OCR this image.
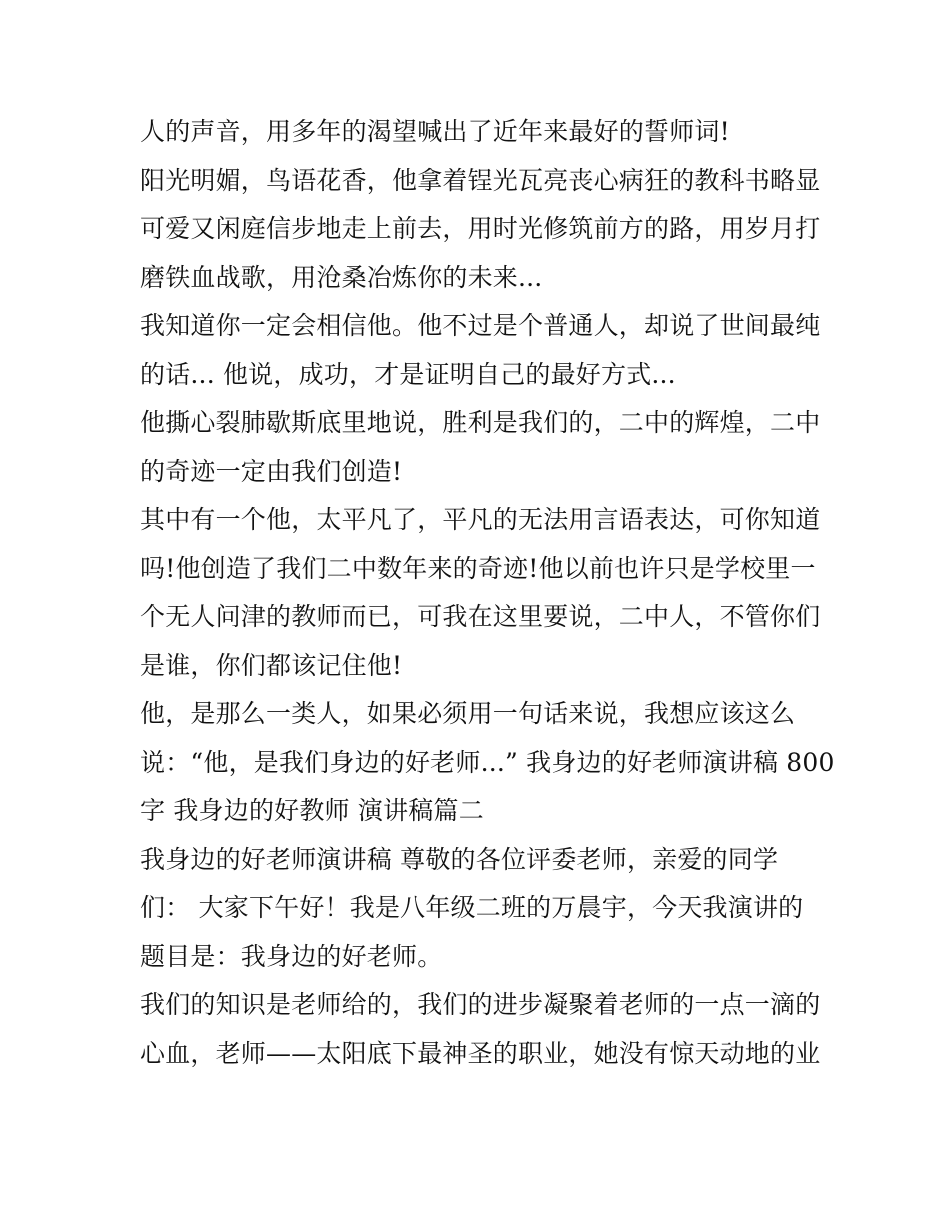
人的声音，用多年的渴望喊出了近年来最好的誓师词!
阳光明媚，鸟语花香，他拿着锃光瓦亮丧心病狂的教科书略显
可爱又闲庭信步地走上前去，用时光修筑前方的路，用岁月打
磨铁血战歌，用沧桑冶炼你的未来...
我知道你一定会相信他。他不过是个普通人，却说了世间最纯
的话... 他说，成功，才是证明自己的最好方式...
他撕心裂肺歇斯底里地说，胜利是我们的，二中的辉煌，二中
的奇迹一定由我们创造!
其中有一个他，太平凡了，平凡的无法用言语表达，可你知道
吗!他创造了我们二中数年来的奇迹!他以前也许只是学校里一
个无人问津的教师而已，可我在这里要说，二中人，不管你们
是谁，你们都该记住他!
他，是那么一类人，如果必须用一句话来说，我想应该这么
说：“他，是我们身边的好老师...” 我身边的好老师演讲稿 800
字 我身边的好教师 演讲稿篇二
我身边的好老师演讲稿 尊敬的各位评委老师，亲爱的同学
们： 大家下午好！我是八年级二班的万晨宇，今天我演讲的
题目是：我身边的好老师。
我们的知识是老师给的，我们的进步凝聚着老师的一点一滴的
心血，老师——太阳底下最神圣的职业，她没有惊天动地的业
